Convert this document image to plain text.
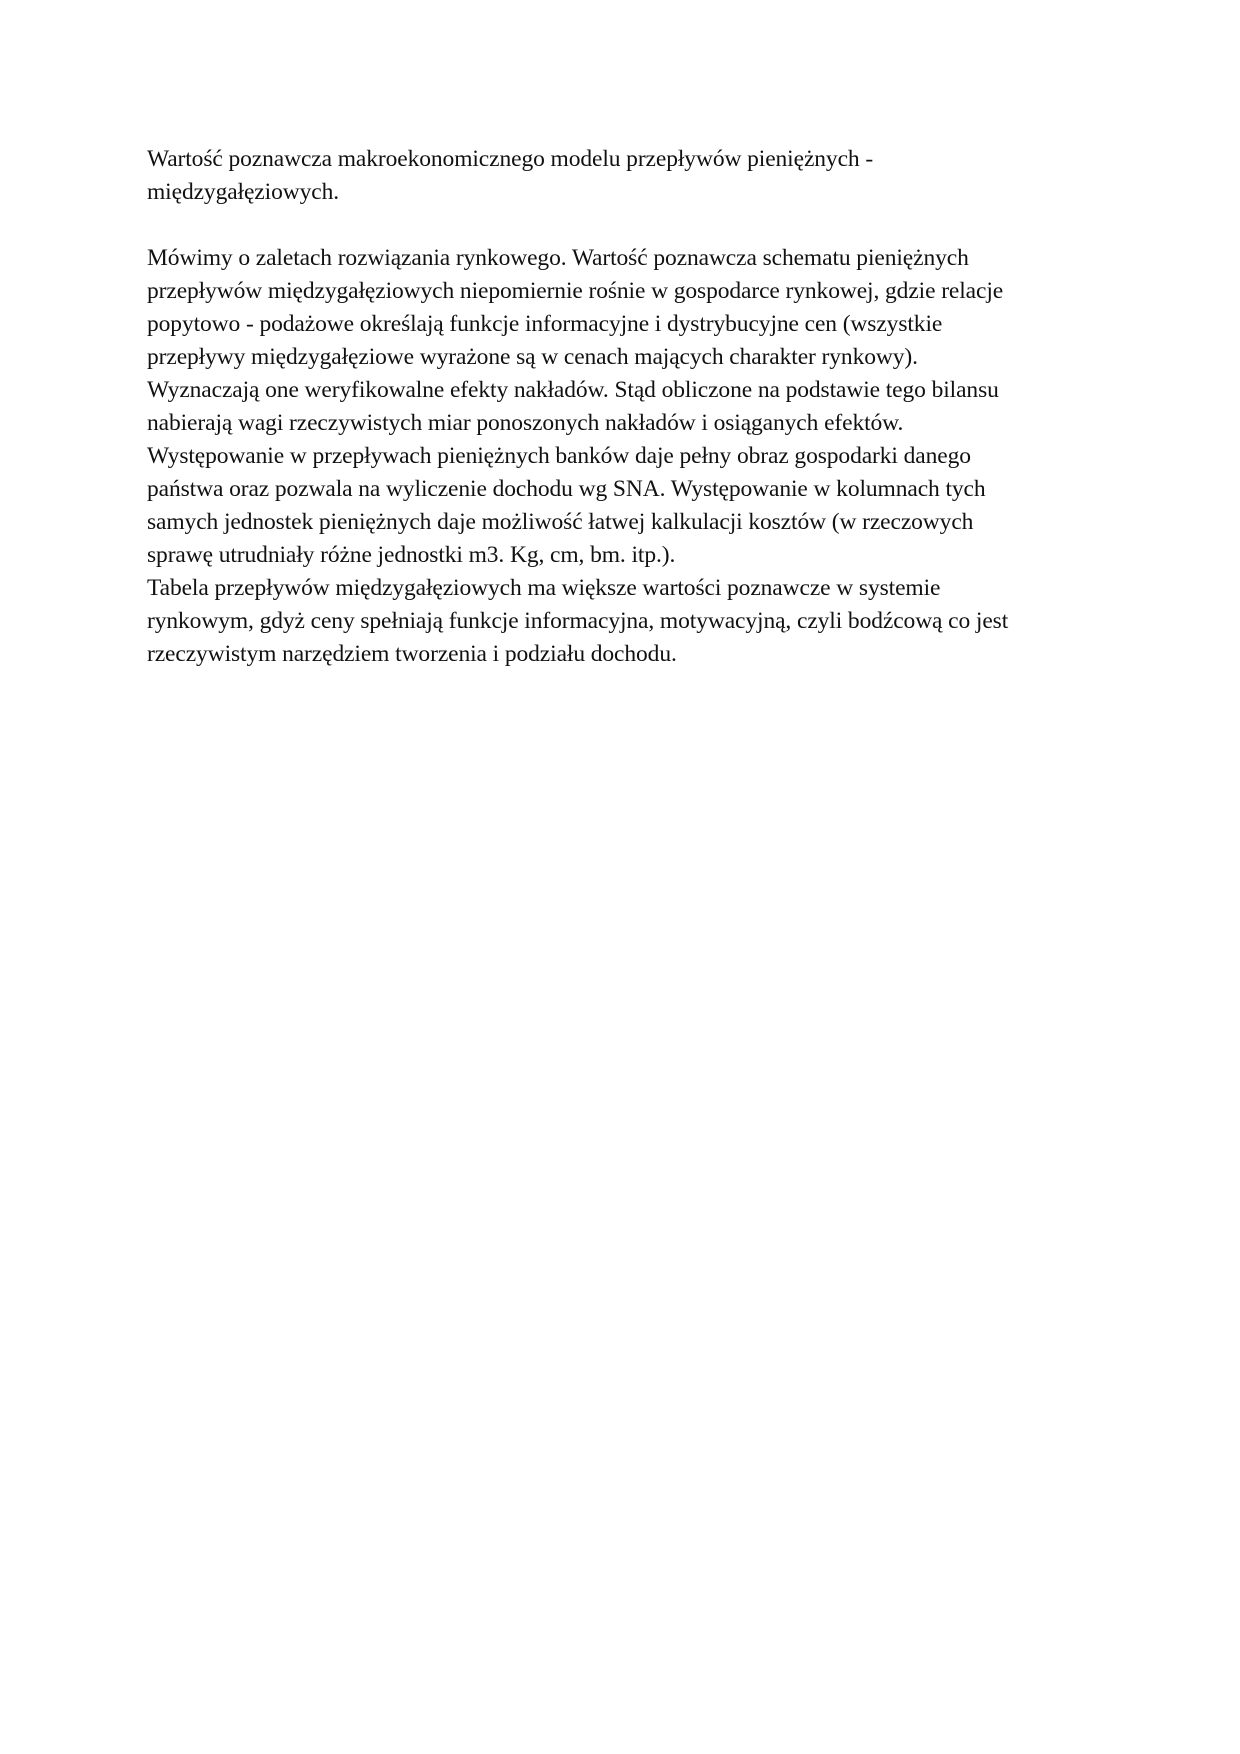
Wartość poznawcza makroekonomicznego modelu przepływów pieniężnych -
międzygałęziowych.
Mówimy o zaletach rozwiązania rynkowego. Wartość poznawcza schematu pieniężnych
przepływów międzygałęziowych niepomiernie rośnie w gospodarce rynkowej, gdzie relacje
popytowo - podażowe określają funkcje informacyjne i dystrybucyjne cen (wszystkie
przepływy międzygałęziowe wyrażone są w cenach mających charakter rynkowy).
Wyznaczają one weryfikowalne efekty nakładów. Stąd obliczone na podstawie tego bilansu
nabierają wagi rzeczywistych miar ponoszonych nakładów i osiąganych efektów.
Występowanie w przepływach pieniężnych banków daje pełny obraz gospodarki danego
państwa oraz pozwala na wyliczenie dochodu wg SNA. Występowanie w kolumnach tych
samych jednostek pieniężnych daje możliwość łatwej kalkulacji kosztów (w rzeczowych
sprawę utrudniały różne jednostki m3. Kg, cm, bm. itp.).
Tabela przepływów międzygałęziowych ma większe wartości poznawcze w systemie
rynkowym, gdyż ceny spełniają funkcje informacyjna, motywacyjną, czyli bodźcową co jest
rzeczywistym narzędziem tworzenia i podziału dochodu.
